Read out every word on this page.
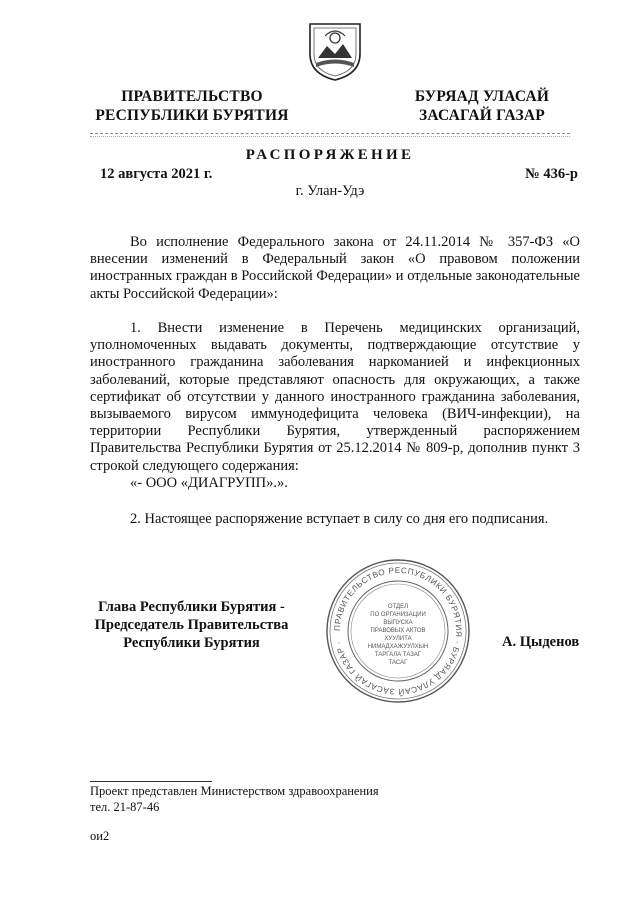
ПРАВИТЕЛЬСТВО
РЕСПУБЛИКИ БУРЯТИЯ
БУРЯАД УЛАСАЙ
ЗАСАГАЙ ГАЗАР
РАСПОРЯЖЕНИЕ
12 августа 2021 г.	№ 436-р
г. Улан-Удэ
Во исполнение Федерального закона от 24.11.2014 № 357-ФЗ «О внесении изменений в Федеральный закон «О правовом положении иностранных граждан в Российской Федерации» и отдельные законодательные акты Российской Федерации»:
1. Внести изменение в Перечень медицинских организаций, уполномоченных выдавать документы, подтверждающие отсутствие у иностранного гражданина заболевания наркоманией и инфекционных заболеваний, которые представляют опасность для окружающих, а также сертификат об отсутствии у данного иностранного гражданина заболевания, вызываемого вирусом иммунодефицита человека (ВИЧ-инфекции), на территории Республики Бурятия, утвержденный распоряжением Правительства Республики Бурятия от 25.12.2014 № 809-р, дополнив пункт 3 строкой следующего содержания:
«- ООО «ДИАГРУПП».».
2. Настоящее распоряжение вступает в силу со дня его подписания.
ПРАВИТЕЛЬСТВО РЕСПУБЛИКИ БУРЯТИЯ · БУРЯАД УЛАСАЙ ЗАСАГАЙ ГАЗАР ·
ОТДЕЛ
ПО ОРГАНИЗАЦИИ
ВЫПУСКА
ПРАВОВЫХ АКТОВ
ХУУЛИТА
НИМАДХАЖУУЛХЫН
ТАРГАЛА ТАЗАГ
ТАСАГ
Глава Республики Бурятия -
Председатель Правительства
Республики Бурятия	А. Цыденов
Проект представлен Министерством здравоохранения
тел. 21-87-46
ои2
